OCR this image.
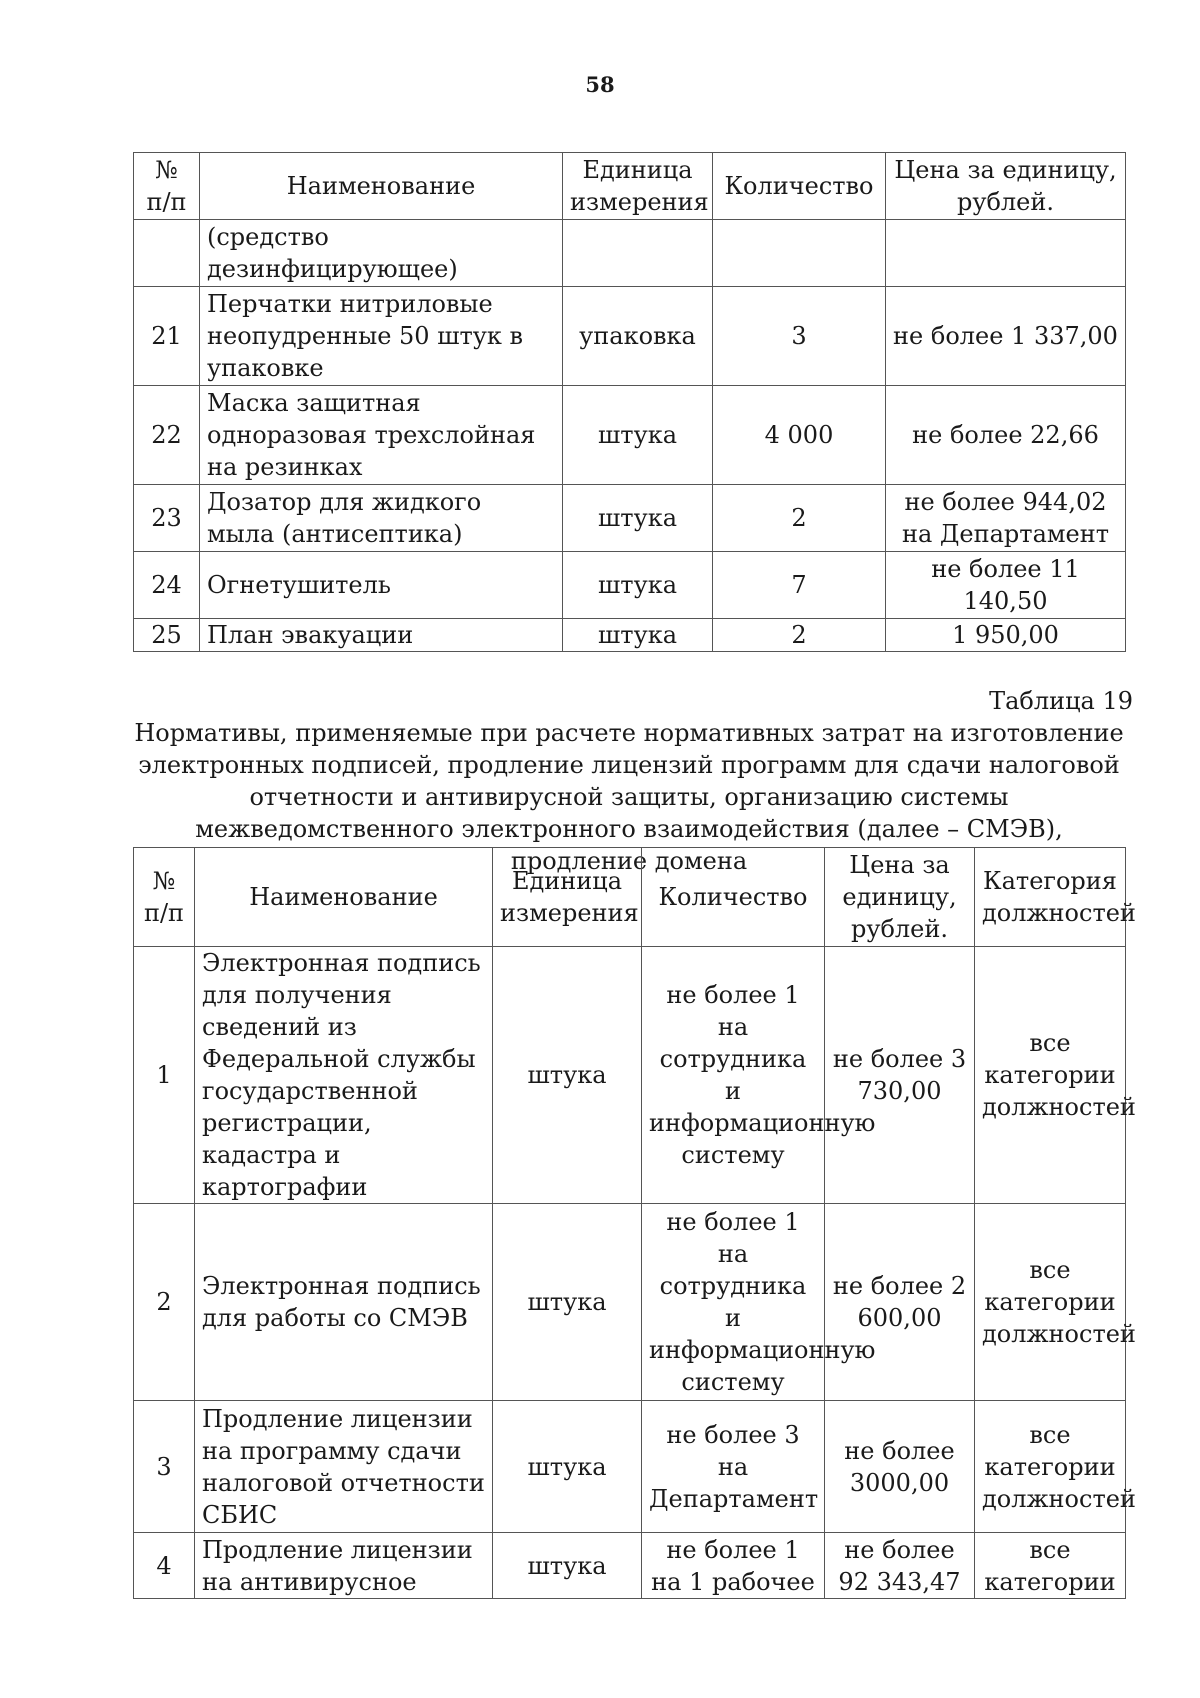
58
№ п/п	Наименование	Единица измерения	Количество	Цена за единицу, рублей.
	(средство дезинфицирующее)			
21	Перчатки нитриловые неопудренные 50 штук в упаковке	упаковка	3	не более 1 337,00
22	Маска защитная одноразовая трехслойная на резинках	штука	4 000	не более 22,66
23	Дозатор для жидкого мыла (антисептика)	штука	2	не более 944,02 на Департамент
24	Огнетушитель	штука	7	не более 11 140,50
25	План эвакуации	штука	2	1 950,00
Таблица 19
Нормативы, применяемые при расчете нормативных затрат на изготовление электронных подписей, продление лицензий программ для сдачи налоговой отчетности и антивирусной защиты, организацию системы межведомственного электронного взаимодействия (далее – СМЭВ), продление домена
№ п/п	Наименование	Единица измерения	Количество	Цена за единицу, рублей.	Категория должностей
1	Электронная подпись для получения сведений из Федеральной службы государственной регистрации, кадастра и картографии	штука	не более 1 на сотрудника и информационную систему	не более 3 730,00	все категории должностей
2	Электронная подпись для работы со СМЭВ	штука	не более 1 на сотрудника и информационную систему	не более 2 600,00	все категории должностей
3	Продление лицензии на программу сдачи налоговой отчетности СБИС	штука	не более 3 на Департамент	не более 3000,00	все категории должностей
4	Продление лицензии на антивирусное	штука	не более 1 на 1 рабочее	не более 92 343,47	все категории
